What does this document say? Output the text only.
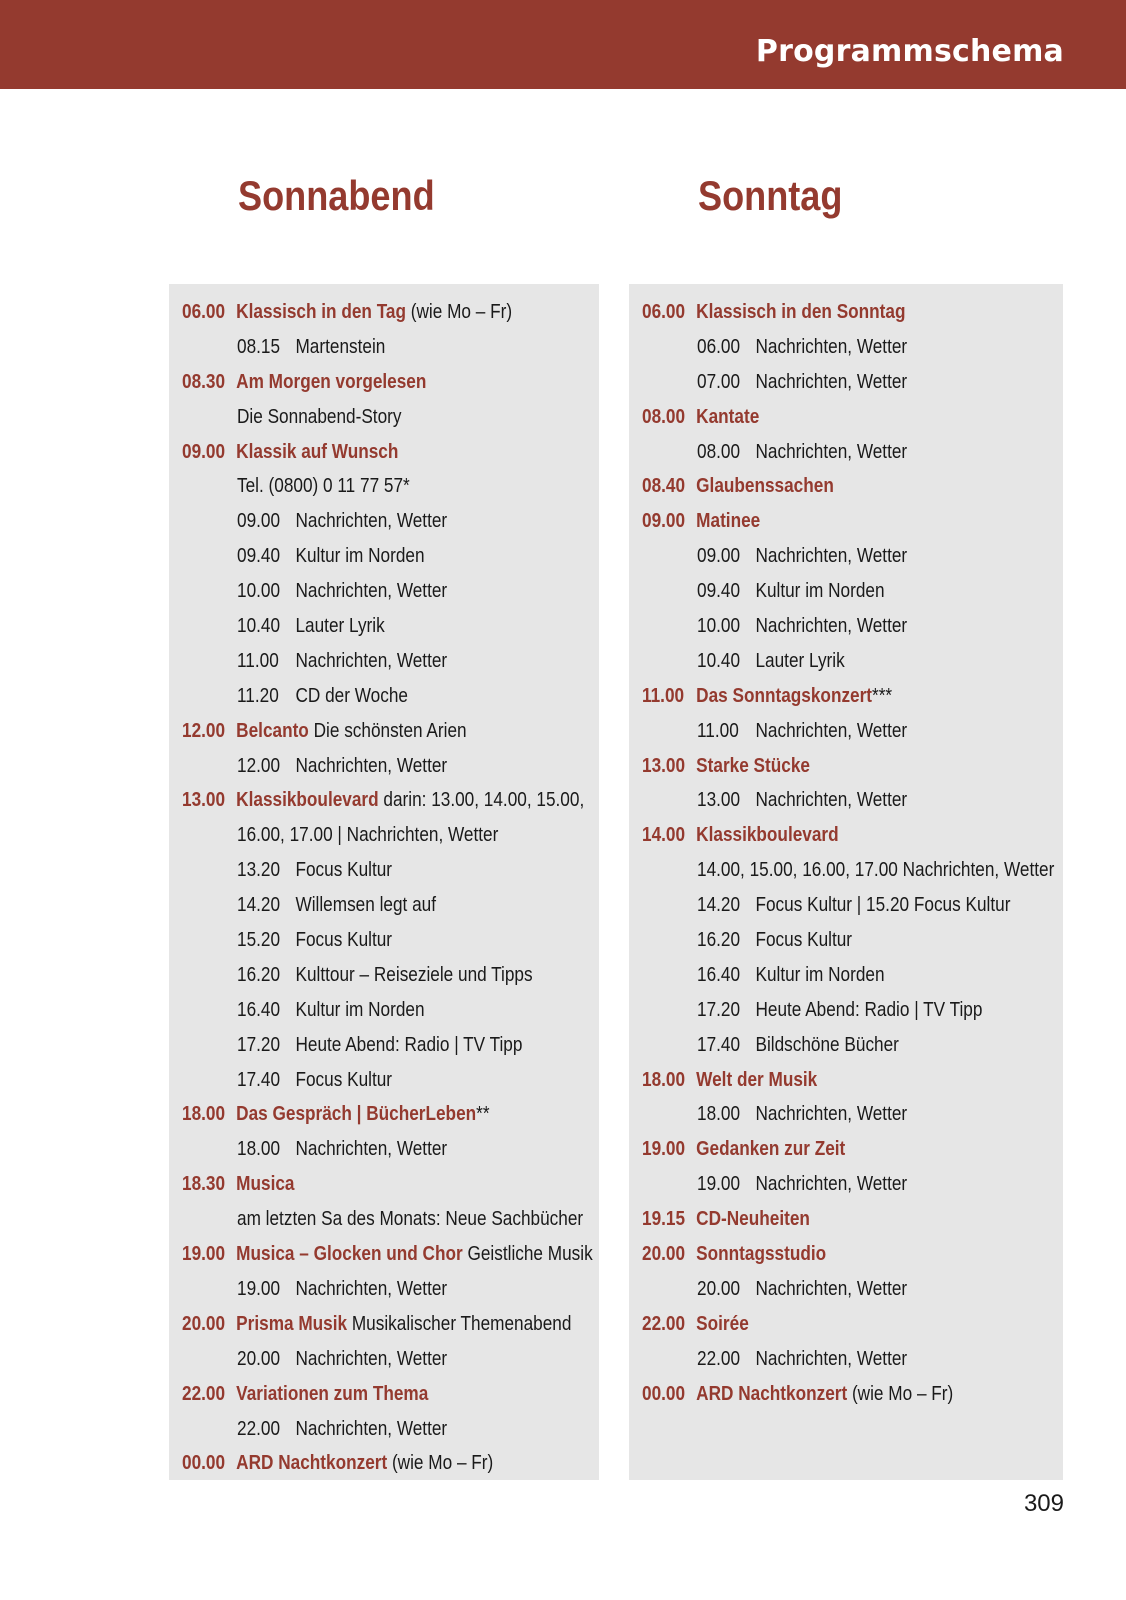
Programmschema
Sonnabend	Sonntag
06.00 Klassisch in den Tag (wie Mo – Fr)
08.15 Martenstein
08.30 Am Morgen vorgelesen
Die Sonnabend-Story
09.00 Klassik auf Wunsch
Tel. (0800) 0 11 77 57*
09.00 Nachrichten, Wetter
09.40 Kultur im Norden
10.00 Nachrichten, Wetter
10.40 Lauter Lyrik
11.00 Nachrichten, Wetter
11.20 CD der Woche
12.00 Belcanto Die schönsten Arien
12.00 Nachrichten, Wetter
13.00 Klassikboulevard darin: 13.00, 14.00, 15.00,
16.00, 17.00 | Nachrichten, Wetter
13.20 Focus Kultur
14.20 Willemsen legt auf
15.20 Focus Kultur
16.20 Kulttour – Reiseziele und Tipps
16.40 Kultur im Norden
17.20 Heute Abend: Radio | TV Tipp
17.40 Focus Kultur
18.00 Das Gespräch | BücherLeben**
18.00 Nachrichten, Wetter
18.30 Musica
am letzten Sa des Monats: Neue Sachbücher
19.00 Musica – Glocken und Chor Geistliche Musik
19.00 Nachrichten, Wetter
20.00 Prisma Musik Musikalischer Themenabend
20.00 Nachrichten, Wetter
22.00 Variationen zum Thema
22.00 Nachrichten, Wetter
00.00 ARD Nachtkonzert (wie Mo – Fr)
06.00 Klassisch in den Sonntag
06.00 Nachrichten, Wetter
07.00 Nachrichten, Wetter
08.00 Kantate
08.00 Nachrichten, Wetter
08.40 Glaubenssachen
09.00 Matinee
09.00 Nachrichten, Wetter
09.40 Kultur im Norden
10.00 Nachrichten, Wetter
10.40 Lauter Lyrik
11.00 Das Sonntagskonzert***
11.00 Nachrichten, Wetter
13.00 Starke Stücke
13.00 Nachrichten, Wetter
14.00 Klassikboulevard
14.00, 15.00, 16.00, 17.00 Nachrichten, Wetter
14.20 Focus Kultur | 15.20 Focus Kultur
16.20 Focus Kultur
16.40 Kultur im Norden
17.20 Heute Abend: Radio | TV Tipp
17.40 Bildschöne Bücher
18.00 Welt der Musik
18.00 Nachrichten, Wetter
19.00 Gedanken zur Zeit
19.00 Nachrichten, Wetter
19.15 CD-Neuheiten
20.00 Sonntagsstudio
20.00 Nachrichten, Wetter
22.00 Soirée
22.00 Nachrichten, Wetter
00.00 ARD Nachtkonzert (wie Mo – Fr)
309
